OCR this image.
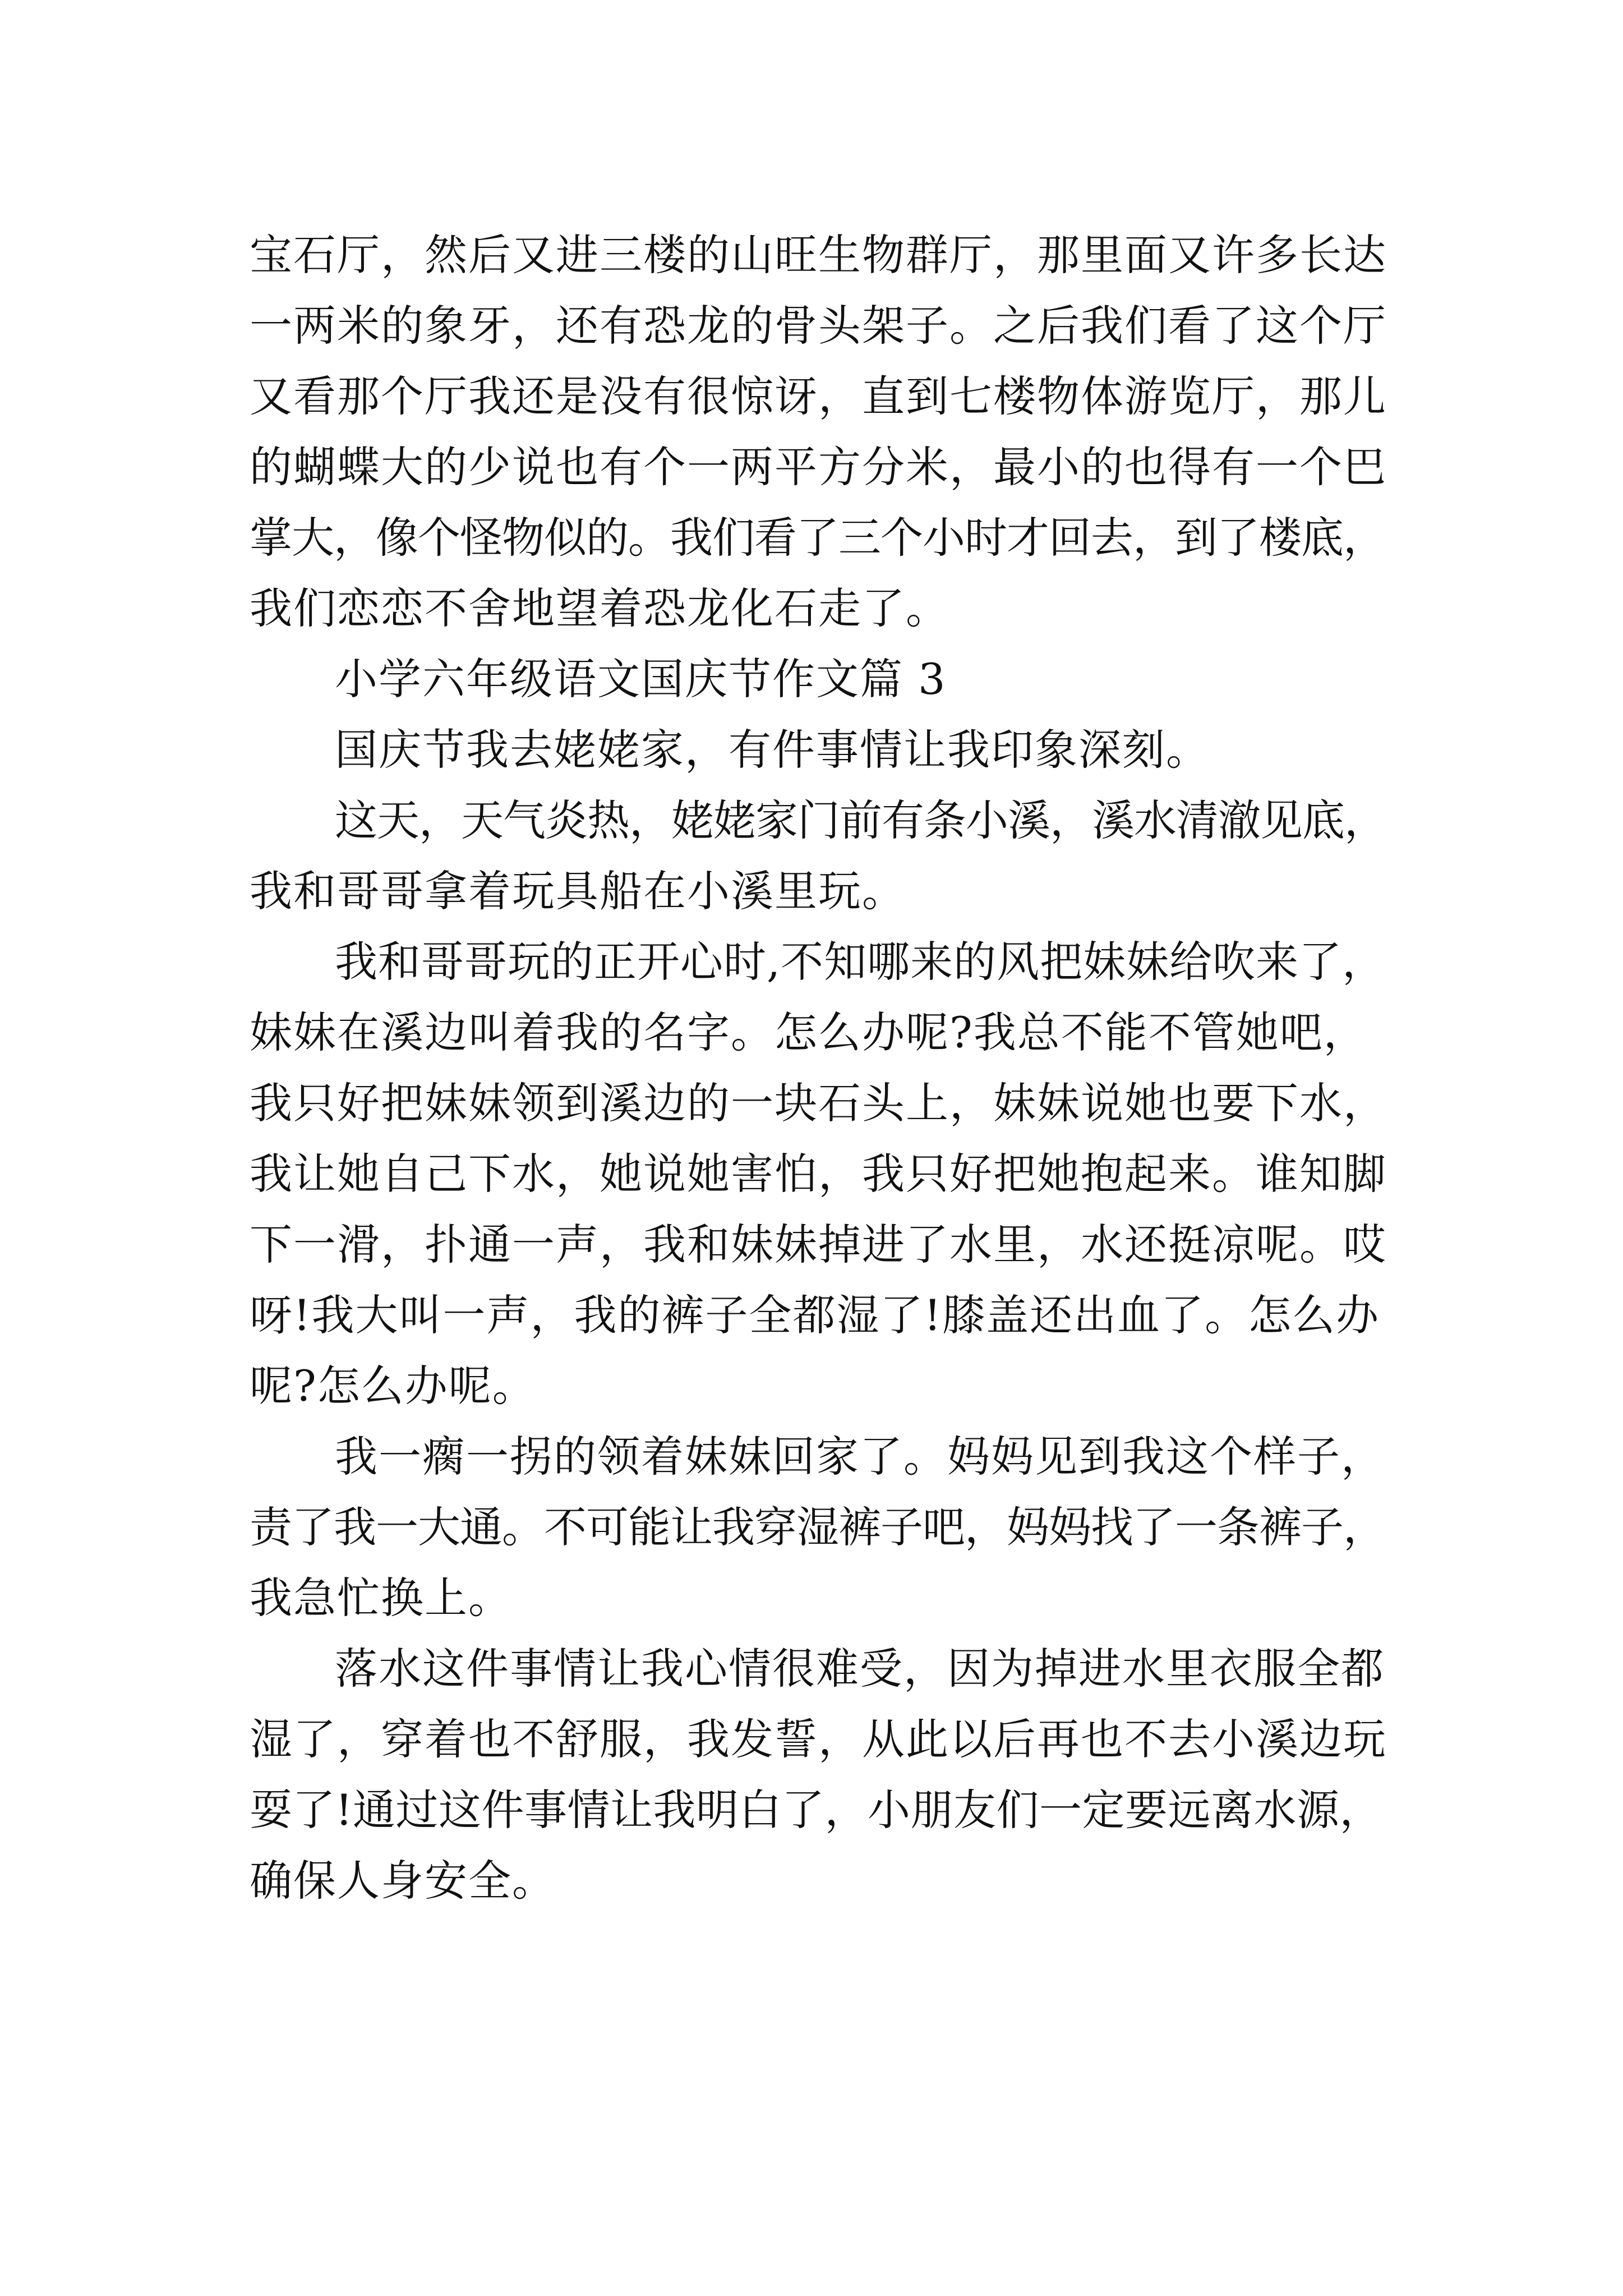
宝石厅，然后又进三楼的山旺生物群厅，那里面又许多长达
一两米的象牙，还有恐龙的骨头架子。之后我们看了这个厅
又看那个厅我还是没有很惊讶，直到七楼物体游览厅，那儿
的蝴蝶大的少说也有个一两平方分米，最小的也得有一个巴
掌大，像个怪物似的。我们看了三个小时才回去，到了楼底，
我们恋恋不舍地望着恐龙化石走了。
小学六年级语文国庆节作文篇 3
国庆节我去姥姥家，有件事情让我印象深刻。
这天，天气炎热，姥姥家门前有条小溪，溪水清澈见底，
我和哥哥拿着玩具船在小溪里玩。
我和哥哥玩的正开心时,不知哪来的风把妹妹给吹来了，
妹妹在溪边叫着我的名字。怎么办呢?我总不能不管她吧，
我只好把妹妹领到溪边的一块石头上，妹妹说她也要下水，
我让她自己下水，她说她害怕，我只好把她抱起来。谁知脚
下一滑，扑通一声，我和妹妹掉进了水里，水还挺凉呢。哎
呀!我大叫一声，我的裤子全都湿了!膝盖还出血了。怎么办
呢?怎么办呢。
我一瘸一拐的领着妹妹回家了。妈妈见到我这个样子，
责了我一大通。不可能让我穿湿裤子吧，妈妈找了一条裤子，
我急忙换上。
落水这件事情让我心情很难受，因为掉进水里衣服全都
湿了，穿着也不舒服，我发誓，从此以后再也不去小溪边玩
耍了!通过这件事情让我明白了，小朋友们一定要远离水源，
确保人身安全。
